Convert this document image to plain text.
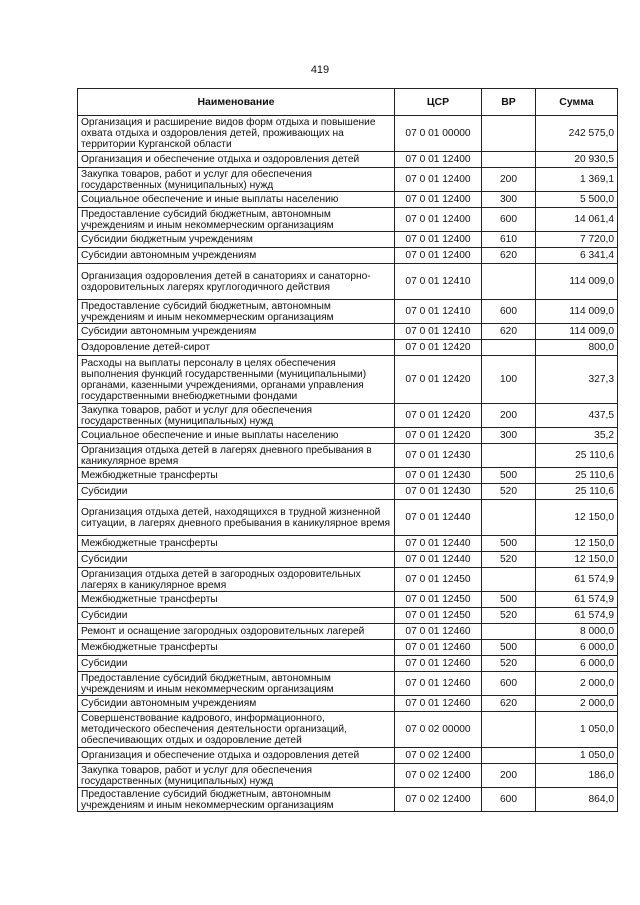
419
Наименование	ЦСР	ВР	Сумма
Организация и расширение видов форм отдыха и повышение охвата отдыха и оздоровления детей, проживающих на территории Курганской области	07 0 01 00000		242 575,0
Организация и обеспечение отдыха и оздоровления детей	07 0 01 12400		20 930,5
Закупка товаров, работ и услуг для обеспечения государственных (муниципальных) нужд	07 0 01 12400	200	1 369,1
Социальное обеспечение и иные выплаты населению	07 0 01 12400	300	5 500,0
Предоставление субсидий бюджетным, автономным учреждениям и иным некоммерческим организациям	07 0 01 12400	600	14 061,4
Субсидии бюджетным учреждениям	07 0 01 12400	610	7 720,0
Субсидии автономным учреждениям	07 0 01 12400	620	6 341,4
Организация оздоровления детей в санаториях и санаторно-оздоровительных лагерях круглогодичного действия	07 0 01 12410		114 009,0
Предоставление субсидий бюджетным, автономным учреждениям и иным некоммерческим организациям	07 0 01 12410	600	114 009,0
Субсидии автономным учреждениям	07 0 01 12410	620	114 009,0
Оздоровление детей-сирот	07 0 01 12420		800,0
Расходы на выплаты персоналу в целях обеспечения выполнения функций государственными (муниципальными) органами, казенными учреждениями, органами управления государственными внебюджетными фондами	07 0 01 12420	100	327,3
Закупка товаров, работ и услуг для обеспечения государственных (муниципальных) нужд	07 0 01 12420	200	437,5
Социальное обеспечение и иные выплаты населению	07 0 01 12420	300	35,2
Организация отдыха детей в лагерях дневного пребывания в каникулярное время	07 0 01 12430		25 110,6
Межбюджетные трансферты	07 0 01 12430	500	25 110,6
Субсидии	07 0 01 12430	520	25 110,6
Организация отдыха детей, находящихся в трудной жизненной ситуации, в лагерях дневного пребывания в каникулярное время	07 0 01 12440		12 150,0
Межбюджетные трансферты	07 0 01 12440	500	12 150,0
Субсидии	07 0 01 12440	520	12 150,0
Организация отдыха детей в загородных оздоровительных лагерях в каникулярное время	07 0 01 12450		61 574,9
Межбюджетные трансферты	07 0 01 12450	500	61 574,9
Субсидии	07 0 01 12450	520	61 574,9
Ремонт и оснащение загородных оздоровительных лагерей	07 0 01 12460		8 000,0
Межбюджетные трансферты	07 0 01 12460	500	6 000,0
Субсидии	07 0 01 12460	520	6 000,0
Предоставление субсидий бюджетным, автономным учреждениям и иным некоммерческим организациям	07 0 01 12460	600	2 000,0
Субсидии автономным учреждениям	07 0 01 12460	620	2 000,0
Совершенствование кадрового, информационного, методического обеспечения деятельности организаций, обеспечивающих отдых и оздоровление детей	07 0 02 00000		1 050,0
Организация и обеспечение отдыха и оздоровления детей	07 0 02 12400		1 050,0
Закупка товаров, работ и услуг для обеспечения государственных (муниципальных) нужд	07 0 02 12400	200	186,0
Предоставление субсидий бюджетным, автономным учреждениям и иным некоммерческим организациям	07 0 02 12400	600	864,0
